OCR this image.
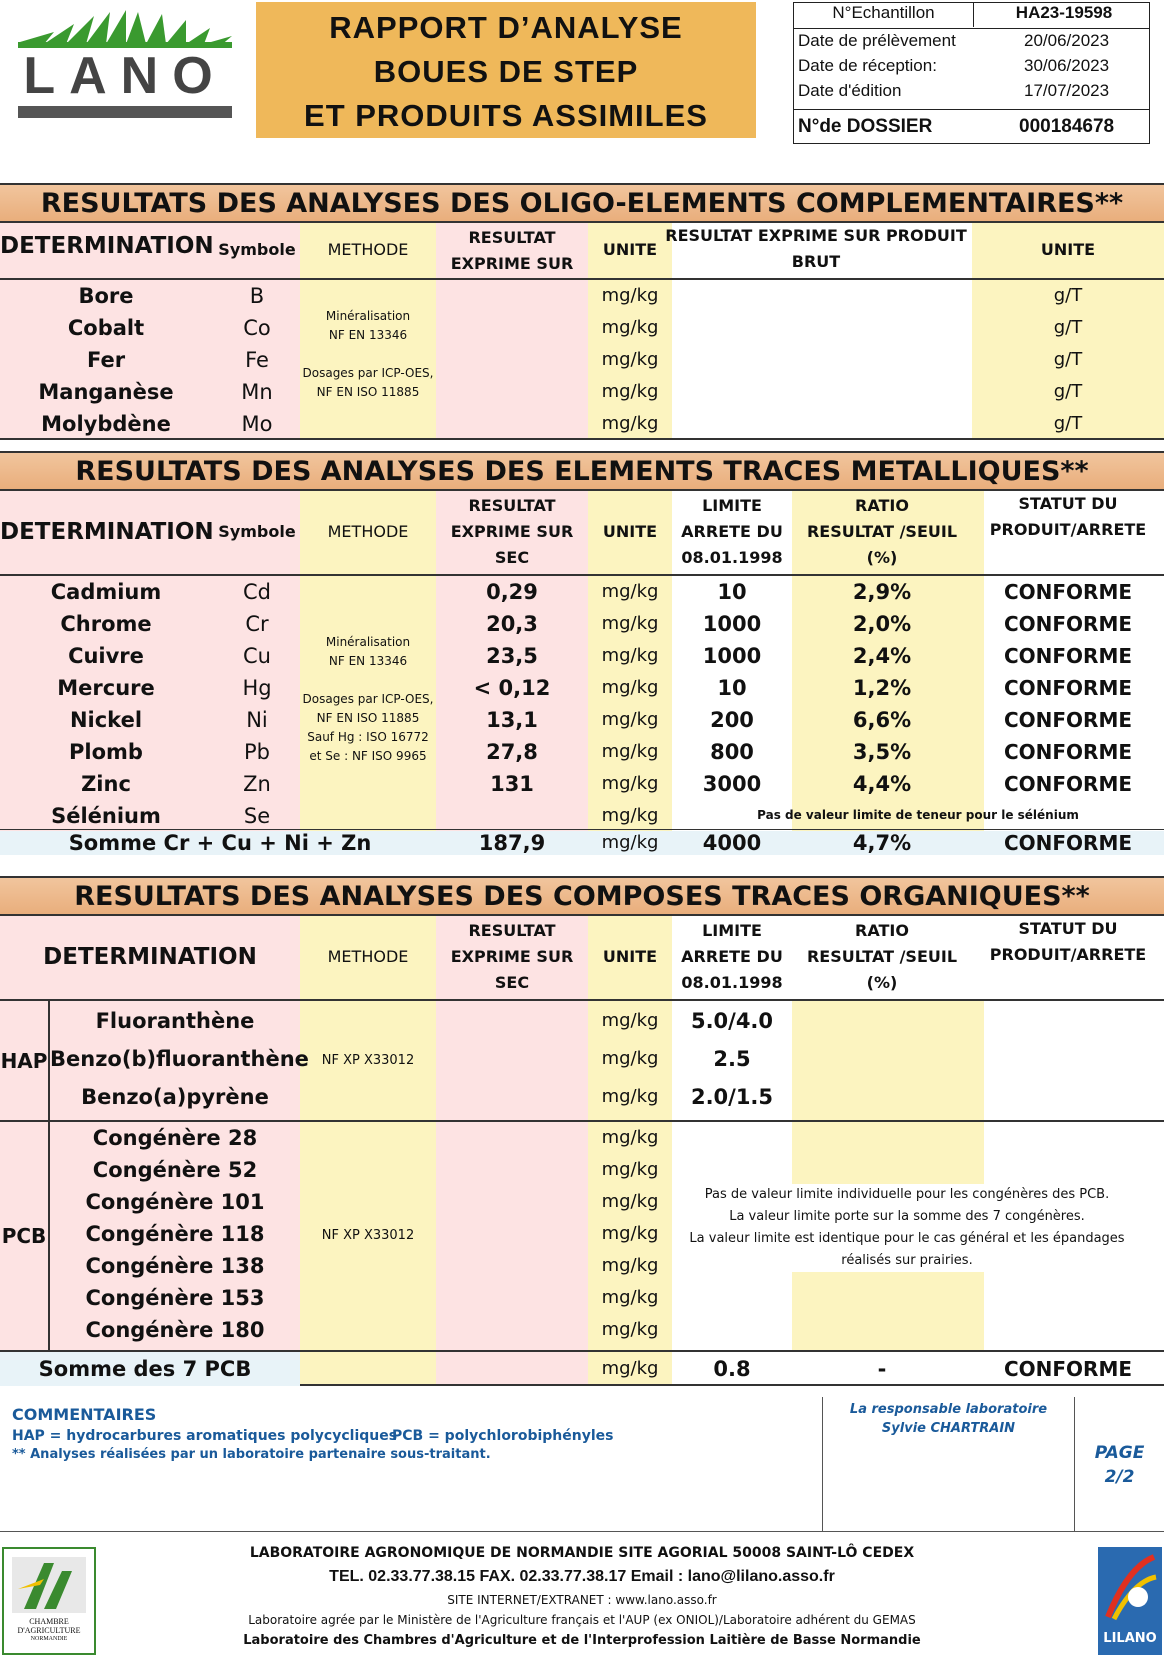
LANO
RAPPORT D’ANALYSE
BOUES DE STEP
ET PRODUITS ASSIMILES
N°Echantillon	HA23-19598
Date de prélèvement	20/06/2023
Date de réception:	30/06/2023
Date d'édition	17/07/2023
N°de DOSSIER	000184678
RESULTATS DES ANALYSES DES OLIGO-ELEMENTS COMPLEMENTAIRES**
DETERMINATION Symbole	METHODE
RESULTAT
EXPRIME SUR
UNITE
RESULTAT EXPRIME SUR PRODUIT
BRUT
UNITE
Minéralisation
NF EN 13346
Dosages par ICP-OES,
NF EN ISO 11885
Bore	B	mg/kg	g/T
Cobalt	Co	mg/kg	g/T
Fer	Fe	mg/kg	g/T
Manganèse	Mn	mg/kg	g/T
Molybdène	Mo	mg/kg	g/T
RESULTATS DES ANALYSES DES ELEMENTS TRACES METALLIQUES**
DETERMINATION Symbole	METHODE
RESULTAT
EXPRIME SUR
SEC
UNITE
LIMITE
ARRETE DU
08.01.1998
RATIO
RESULTAT /SEUIL
(%)
STATUT DU
PRODUIT/ARRETE
Minéralisation
NF EN 13346
Dosages par ICP-OES,
NF EN ISO 11885
Sauf Hg : ISO 16772
et Se : NF ISO 9965
Cadmium	Cd	0,29	mg/kg	10	2,9%	CONFORME
Chrome	Cr	20,3	mg/kg	1000	2,0%	CONFORME
Cuivre	Cu	23,5	mg/kg	1000	2,4%	CONFORME
Mercure	Hg	< 0,12	mg/kg	10	1,2%	CONFORME
Nickel	Ni	13,1	mg/kg	200	6,6%	CONFORME
Plomb	Pb	27,8	mg/kg	800	3,5%	CONFORME
Zinc	Zn	131	mg/kg	3000	4,4%	CONFORME
Sélénium	Se	mg/kg	Pas de valeur limite de teneur pour le sélénium
Somme Cr + Cu + Ni + Zn	187,9	mg/kg	4000	4,7%	CONFORME
RESULTATS DES ANALYSES DES COMPOSES TRACES ORGANIQUES**
DETERMINATION	METHODE
RESULTAT
EXPRIME SUR
SEC
UNITE
LIMITE
ARRETE DU
08.01.1998
RATIO
RESULTAT /SEUIL
(%)
STATUT DU
PRODUIT/ARRETE
HAP	NF XP X33012
Fluoranthène	mg/kg	5.0/4.0
Benzo(b)fluoranthène	mg/kg	2.5
Benzo(a)pyrène	mg/kg	2.0/1.5
PCB	NF XP X33012
Congénère 28	mg/kg
Congénère 52	mg/kg
Congénère 101	mg/kg
Congénère 118	mg/kg
Congénère 138	mg/kg
Congénère 153	mg/kg
Congénère 180	mg/kg
Pas de valeur limite individuelle pour les congénères des PCB.
La valeur limite porte sur la somme des 7 congénères.
La valeur limite est identique pour le cas général et les épandages
réalisés sur prairies.
Somme des 7 PCB	mg/kg	0.8	-	CONFORME
COMMENTAIRES
HAP = hydrocarbures aromatiques polycycliques
PCB = polychlorobiphényles
** Analyses réalisées par un laboratoire partenaire sous-traitant.
La responsable laboratoire
Sylvie CHARTRAIN
PAGE
2/2
CHAMBRE
D'AGRICULTURE
NORMANDIE
LABORATOIRE AGRONOMIQUE DE NORMANDIE SITE AGORIAL 50008 SAINT-LÔ CEDEX
TEL. 02.33.77.38.15 FAX. 02.33.77.38.17 Email : lano@lilano.asso.fr
SITE INTERNET/EXTRANET : www.lano.asso.fr
Laboratoire agrée par le Ministère de l'Agriculture français et l'AUP (ex ONIOL)/Laboratoire adhérent du GEMAS
Laboratoire des Chambres d'Agriculture et de l'Interprofession Laitière de Basse Normandie	LILANO
